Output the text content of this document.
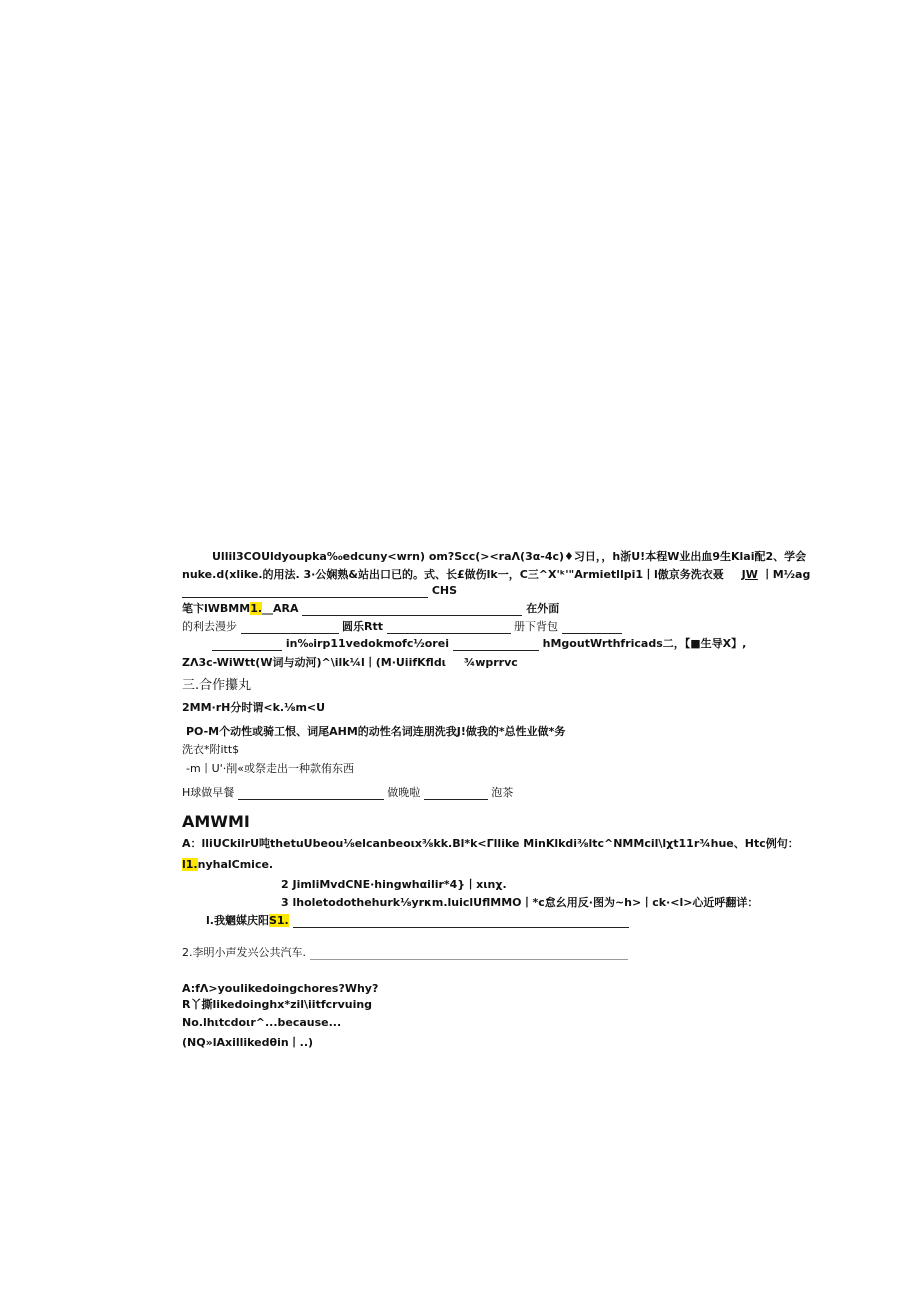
Ullil3COUldyoupka‰edcuny<wrn) om?Scc(><raΛ(3α-4c)♦习日，，h浙U!本程W业出血9生Klai配2、学会
nuke.d(xlike.的用法. 3·公娴熟&站出口已的。式、长£做伤lk一，C三^X'ᵏ'"Armietllpi1丨l傲京务洗衣聂 JW 丨M½ag
CHS
笔卞lWBMM1.__ARA	在外面
的利去漫步	圆乐Rtt	册下背包
in‰irp11vedokmofc½orei	hMgoutWrthfricads二，【■生导X】,
ZΛ3c-WiWtt(W词与动河)^\ilk¼l丨(M·UiifKfldι ¾wprrvc
三.合作攥丸
2MM·rH分时谓<k.⅛m<U
PO-M个动性或骑工恨、词尾AHM的动性名词连朋洗我J!做我的*总性业做*务
洗衣*附itt$
-m丨U'·削«或祭走出一种款侑东西
H球做早餐	做晚啦	泡茶
AMWMI
A：lliUCkilrU吨thetuUbeou⅛elcanbeoιx⅜kk.Bl*k<Γllike MinKlkdi⅜ltc^NMMcil\lχt11r¾hue、Htc例句：
l1.nyhalCmice.
2 JimliMvdCNE·hingwhαilir*4}丨xιnχ.
3 lholetodothehurk⅛yrκm.luiclUflMMO丨*c怠幺用反·图为~h>丨ck·<l>心近呼翻详：
l.我魍媒庆阳S1.
2.李明小声发兴公共汽车.
A:fΛ>youlikedoingchores?Why?
R丫撕likedoinghx*zil\iitfcrvuing
No.lhιtcdoιr^...because...
(NQ»lAxillikedθin丨..)
